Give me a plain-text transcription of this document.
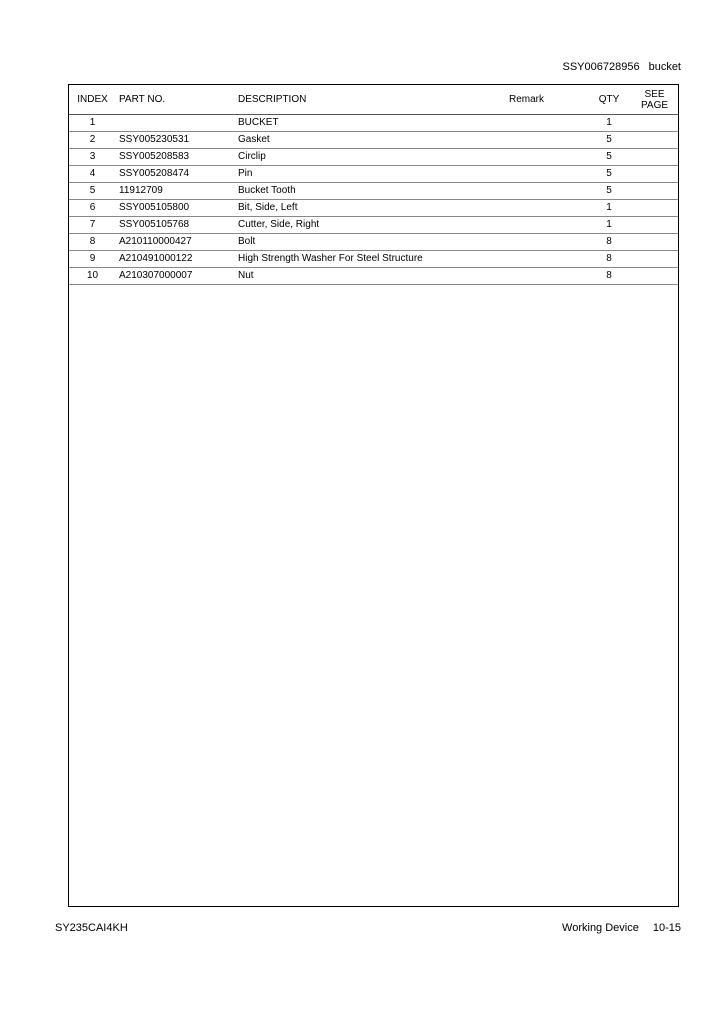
SSY006728956 bucket
INDEX	PART NO.	DESCRIPTION	Remark	QTY	SEE
PAGE
1		BUCKET		1	
2	SSY005230531	Gasket		5	
3	SSY005208583	Circlip		5	
4	SSY005208474	Pin		5	
5	11912709	Bucket Tooth		5	
6	SSY005105800	Bit, Side, Left		1	
7	SSY005105768	Cutter, Side, Right		1	
8	A210110000427	Bolt		8	
9	A210491000122	High Strength Washer For Steel Structure		8	
10	A210307000007	Nut		8	
SY235CAI4KH	Working Device 10-15
